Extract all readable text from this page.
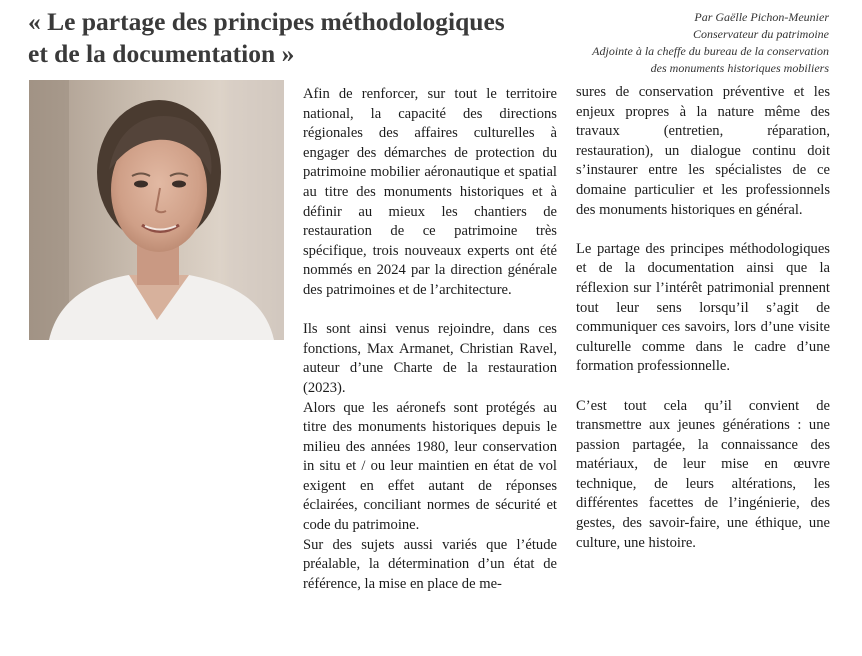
« Le partage des principes méthodologiques
et de la documentation »
Par Gaëlle Pichon-Meunier
Conservateur du patrimoine
Adjointe à la cheffe du bureau de la conservation
des monuments historiques mobiliers

Afin de renforcer, sur tout le territoire national, la capacité des directions régionales des affaires culturelles à engager des démarches de protection du patrimoine mobilier aéronautique et spatial au titre des monuments historiques et à définir au mieux les chantiers de restauration de ce patrimoine très spécifique, trois nouveaux experts ont été nommés en 2024 par la direction générale des patrimoines et de l’architecture.

Ils sont ainsi venus rejoindre, dans ces fonctions, Max Armanet, Christian Ravel, auteur d’une Charte de la restauration (2023).

Alors que les aéronefs sont protégés au titre des monuments historiques depuis le milieu des années 1980, leur conservation in situ et / ou leur maintien en état de vol exigent en effet autant de réponses éclairées, conciliant normes de sécurité et code du patrimoine.

Sur des sujets aussi variés que l’étude préalable, la détermination d’un état de référence, la mise en place de me-

sures de conservation préventive et les enjeux propres à la nature même des travaux (entretien, réparation, restauration), un dialogue continu doit s’instaurer entre les spécialistes de ce domaine particulier et les professionnels des monuments historiques en général.

Le partage des principes méthodologiques et de la documentation ainsi que la réflexion sur l’intérêt patrimonial prennent tout leur sens lorsqu’il s’agit de communiquer ces savoirs, lors d’une visite culturelle comme dans le cadre d’une formation professionnelle.

C’est tout cela qu’il convient de transmettre aux jeunes générations : une passion partagée, la connaissance des matériaux, de leur mise en œuvre technique, de leurs altérations, les différentes facettes de l’ingénierie, des gestes, des savoir-faire, une éthique, une culture, une histoire.
